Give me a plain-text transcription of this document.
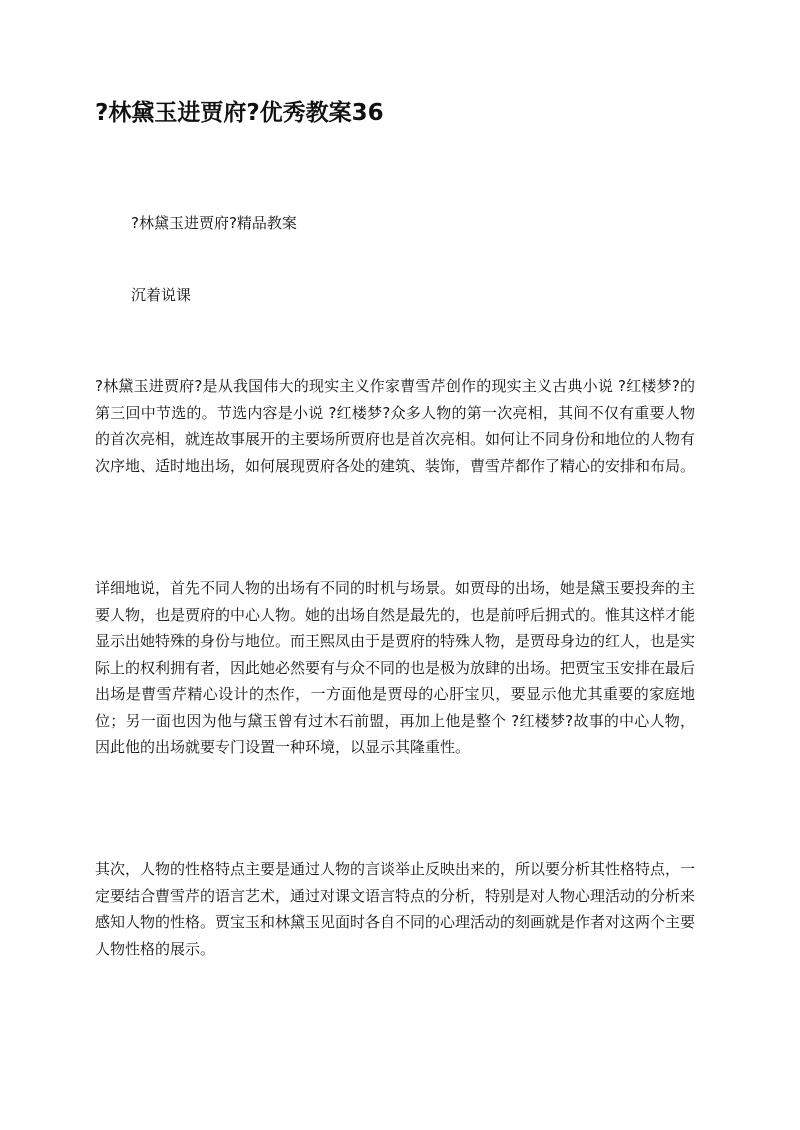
?林黛玉进贾府?优秀教案36

?林黛玉进贾府?精品教案

沉着说课

?林黛玉进贾府?是从我国伟大的现实主义作家曹雪芹创作的现实主义古典小说 ?红楼梦?的第三回中节选的。节选内容是小说 ?红楼梦?众多人物的第一次亮相，其间不仅有重要人物的首次亮相，就连故事展开的主要场所贾府也是首次亮相。如何让不同身份和地位的人物有次序地、适时地出场，如何展现贾府各处的建筑、装饰，曹雪芹都作了精心的安排和布局。

详细地说，首先不同人物的出场有不同的时机与场景。如贾母的出场，她是黛玉要投奔的主要人物，也是贾府的中心人物。她的出场自然是最先的，也是前呼后拥式的。惟其这样才能显示出她特殊的身份与地位。而王熙凤由于是贾府的特殊人物，是贾母身边的红人，也是实际上的权利拥有者，因此她必然要有与众不同的也是极为放肆的出场。把贾宝玉安排在最后出场是曹雪芹精心设计的杰作，一方面他是贾母的心肝宝贝，要显示他尤其重要的家庭地位；另一面也因为他与黛玉曾有过木石前盟，再加上他是整个 ?红楼梦?故事的中心人物，因此他的出场就要专门设置一种环境，以显示其隆重性。

其次，人物的性格特点主要是通过人物的言谈举止反映出来的，所以要分析其性格特点，一定要结合曹雪芹的语言艺术，通过对课文语言特点的分析，特别是对人物心理活动的分析来感知人物的性格。贾宝玉和林黛玉见面时各自不同的心理活动的刻画就是作者对这两个主要人物性格的展示。
